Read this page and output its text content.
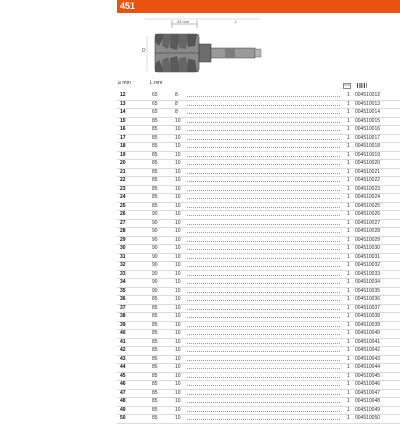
451
24 mm	L
D
⌀ mm	L mm
12	65	8	1 004510012
13	65	8	1 004510013
14	65	8	1 004510014
15	85	10	1 004510015
16	85	10	1 004510016
17	85	10	1 004510017
18	85	10	1 004510018
19	85	10	1 004510019
20	85	10	1 004510020
21	85	10	1 004510021
22	85	10	1 004510022
23	85	10	1 004510023
24	85	10	1 004510024
25	85	10	1 004510025
26	90	10	1 004510026
27	90	10	1 004510027
28	90	10	1 004510028
29	90	10	1 004510029
30	90	10	1 004510030
31	90	10	1 004510031
32	90	10	1 004510032
33	90	10	1 004510033
34	90	10	1 004510034
35	90	10	1 004510035
36	85	10	1 004510036
37	85	10	1 004510037
38	85	10	1 004510038
39	85	10	1 004510039
40	85	10	1 004510040
41	85	10	1 004510041
42	85	10	1 004510042
43	85	10	1 004510043
44	85	10	1 004510044
45	85	10	1 004510045
46	85	10	1 004510046
47	85	10	1 004510047
48	85	10	1 004510048
49	85	10	1 004510049
50	85	10	1 004510050
